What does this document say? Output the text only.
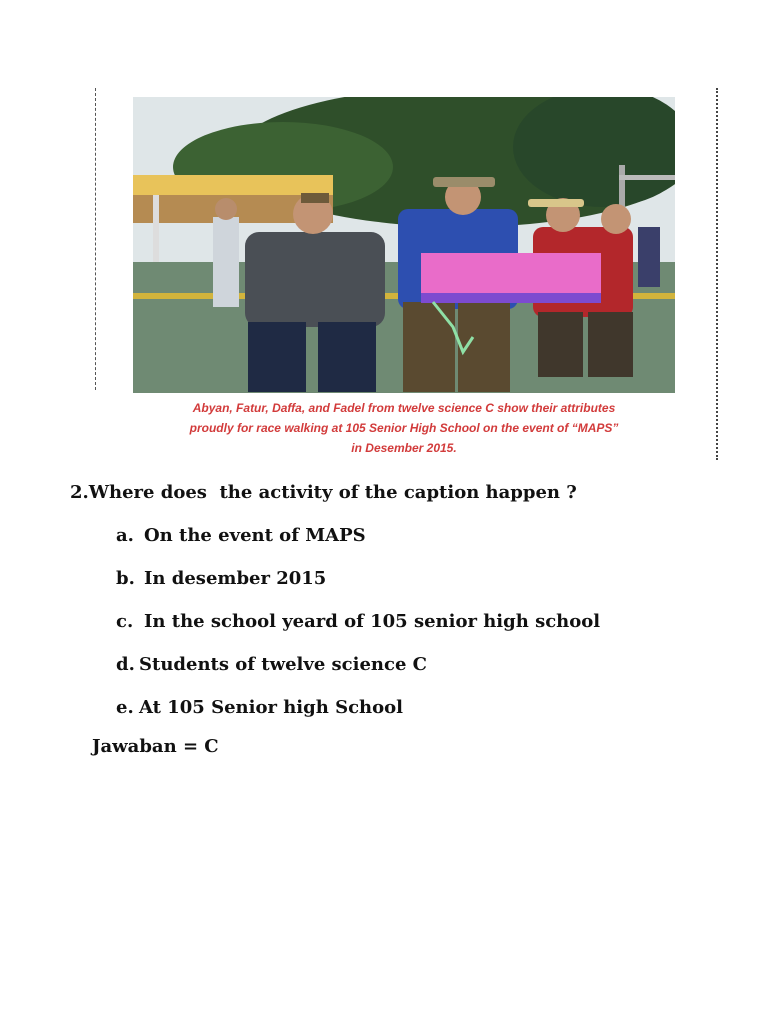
Abyan, Fatur, Daffa, and Fadel from twelve science C show their attributes
proudly for race walking at 105 Senior High School on the event of “MAPS”
in Desember 2015.

2.Where does  the activity of the caption happen ?

a. On the event of MAPS
b. In desember 2015
c. In the school yeard of 105 senior high school
d. Students of twelve science C
e. At 105 Senior high School

Jawaban = C
